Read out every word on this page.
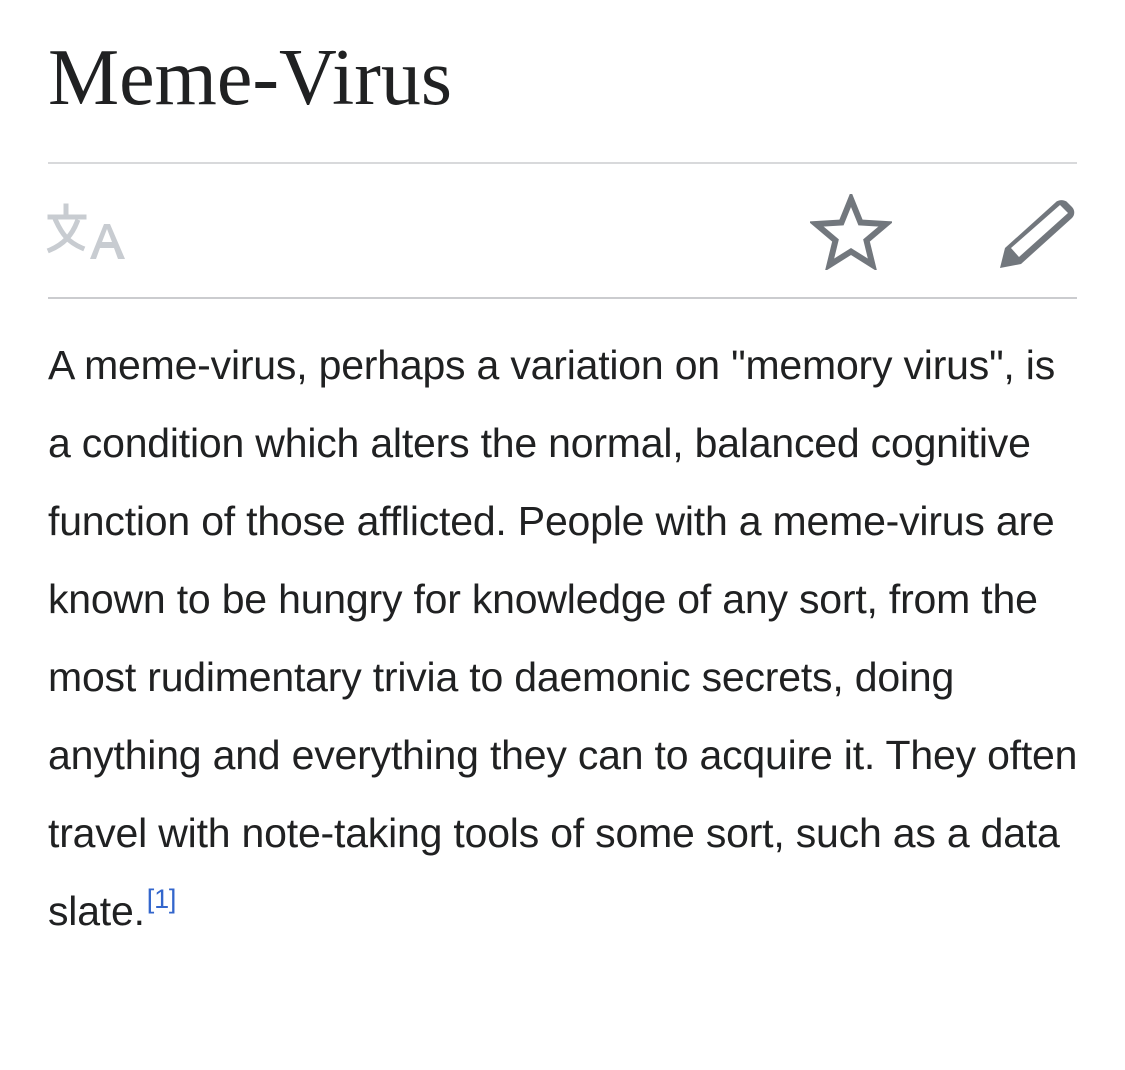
Meme-Virus

A meme-virus, perhaps a variation on "memory virus", is a condition which alters the normal, balanced cognitive function of those afflicted. People with a meme-virus are known to be hungry for knowledge of any sort, from the most rudimentary trivia to daemonic secrets, doing anything and everything they can to acquire it. They often travel with note-taking tools of some sort, such as a data slate.[1]
